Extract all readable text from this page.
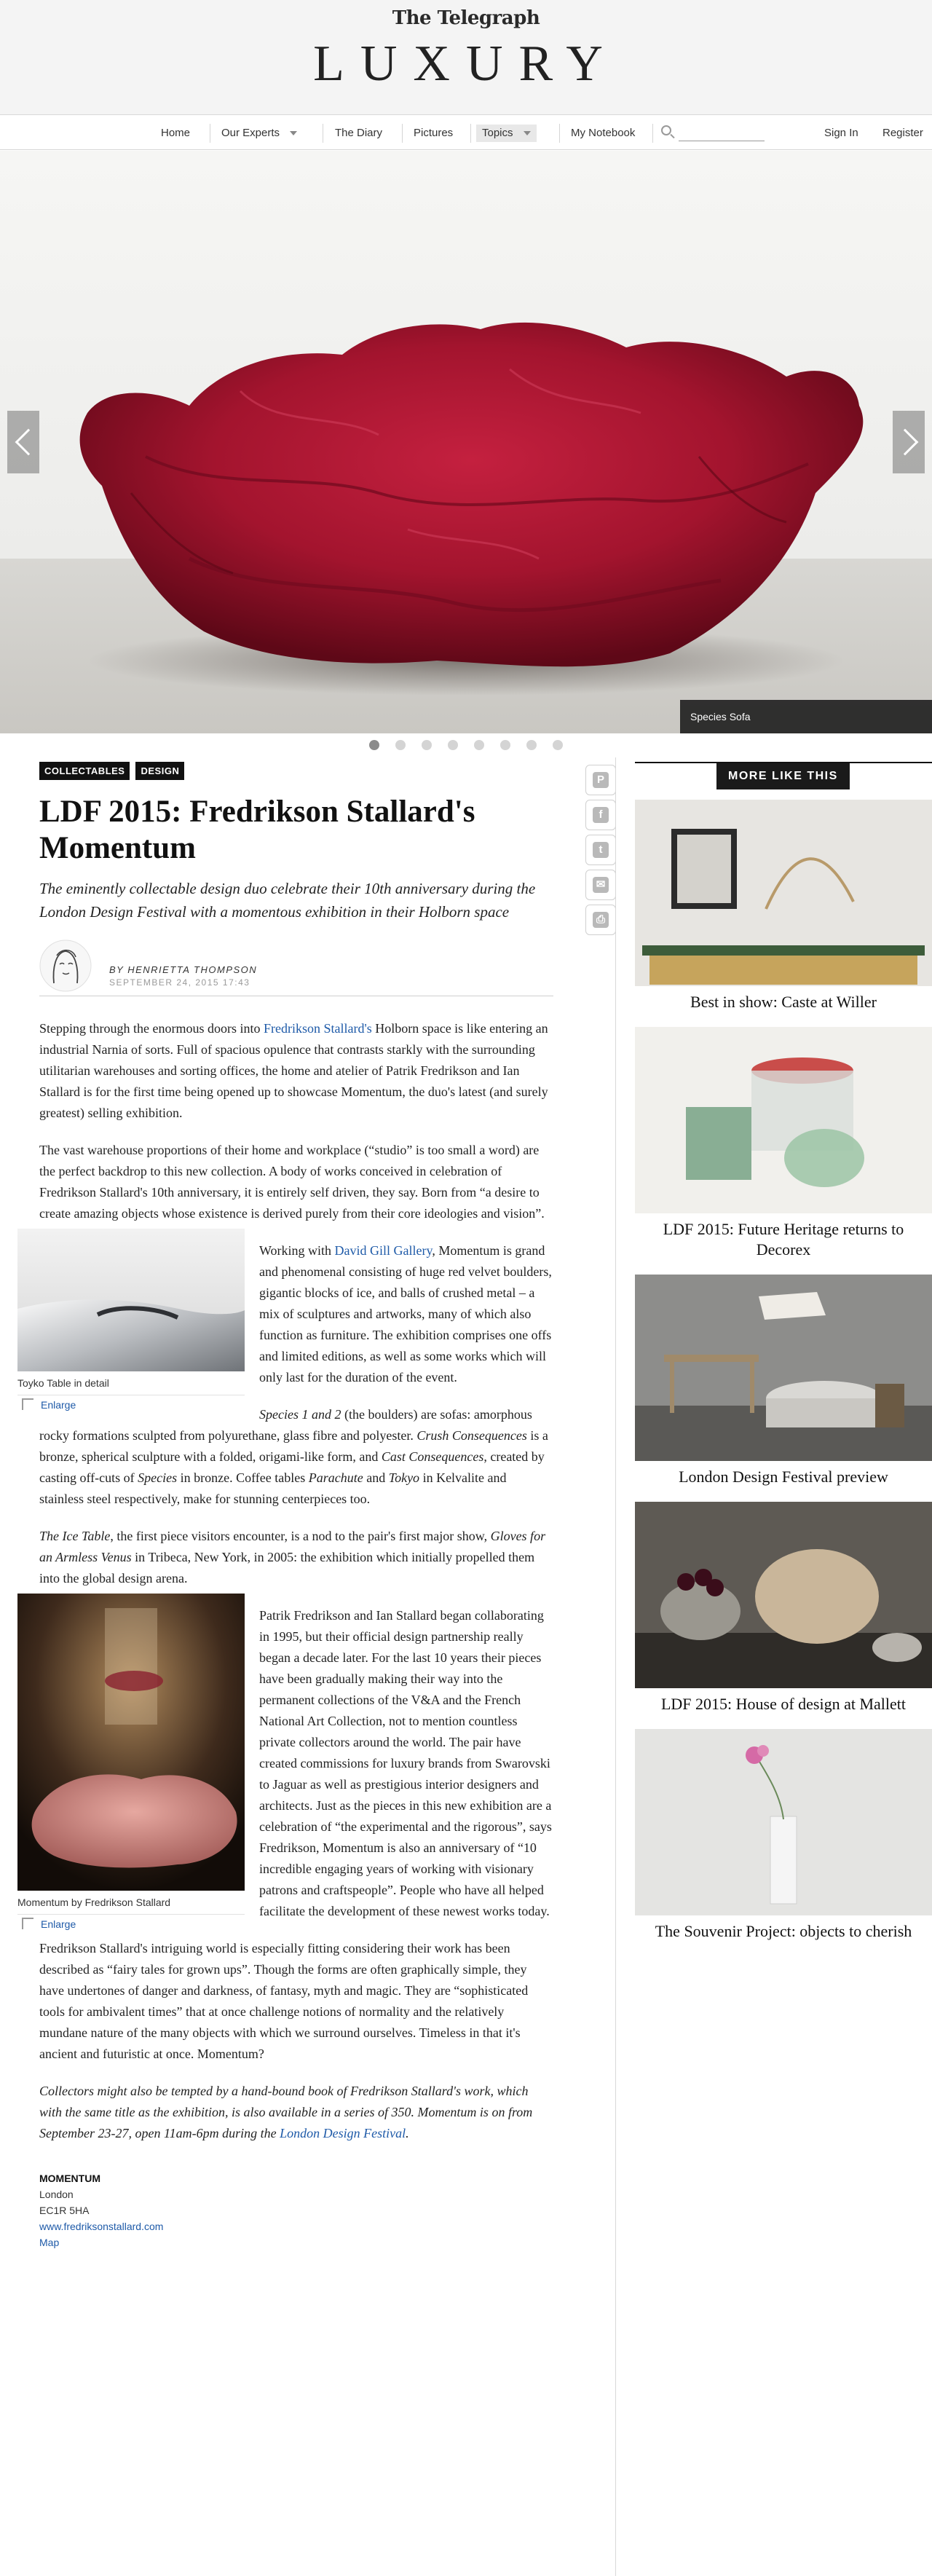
The Telegraph
LUXURY
Home	Our Experts	The Diary	Pictures	Topics	My Notebook	Sign In	Register
Species Sofa

COLLECTABLES DESIGN
LDF 2015: Fredrikson Stallard's Momentum
The eminently collectable design duo celebrate their 10th anniversary during the London Design Festival with a momentous exhibition in their Holborn space
BY HENRIETTA THOMPSON
SEPTEMBER 24, 2015 17:43

Stepping through the enormous doors into Fredrikson Stallard's Holborn space is like entering an industrial Narnia of sorts. Full of spacious opulence that contrasts starkly with the surrounding utilitarian warehouses and sorting offices, the home and atelier of Patrik Fredrikson and Ian Stallard is for the first time being opened up to showcase Momentum, the duo's latest (and surely greatest) selling exhibition.

The vast warehouse proportions of their home and workplace (“studio” is too small a word) are the perfect backdrop to this new collection. A body of works conceived in celebration of Fredrikson Stallard's 10th anniversary, it is entirely self driven, they say. Born from “a desire to create amazing objects whose existence is derived purely from their core ideologies and vision”.

Toyko Table in detail
Enlarge

Working with David Gill Gallery, Momentum is grand and phenomenal consisting of huge red velvet boulders, gigantic blocks of ice, and balls of crushed metal – a mix of sculptures and artworks, many of which also function as furniture. The exhibition comprises one offs and limited editions, as well as some works which will only last for the duration of the event.

Species 1 and 2 (the boulders) are sofas: amorphous rocky formations sculpted from polyurethane, glass fibre and polyester. Crush Consequences is a bronze, spherical sculpture with a folded, origami-like form, and Cast Consequences, created by casting off-cuts of Species in bronze. Coffee tables Parachute and Tokyo in Kelvalite and stainless steel respectively, make for stunning centerpieces too.

The Ice Table, the first piece visitors encounter, is a nod to the pair's first major show, Gloves for an Armless Venus in Tribeca, New York, in 2005: the exhibition which initially propelled them into the global design arena.

Momentum by Fredrikson Stallard
Enlarge

Patrik Fredrikson and Ian Stallard began collaborating in 1995, but their official design partnership really began a decade later. For the last 10 years their pieces have been gradually making their way into the permanent collections of the V&A and the French National Art Collection, not to mention countless private collectors around the world. The pair have created commissions for luxury brands from Swarovski to Jaguar as well as prestigious interior designers and architects. Just as the pieces in this new exhibition are a celebration of “the experimental and the rigorous”, says Fredrikson, Momentum is also an anniversary of “10 incredible engaging years of working with visionary patrons and craftspeople”. People who have all helped facilitate the development of these newest works today.

Fredrikson Stallard's intriguing world is especially fitting considering their work has been described as “fairy tales for grown ups”. Though the forms are often graphically simple, they have undertones of danger and darkness, of fantasy, myth and magic. They are “sophisticated tools for ambivalent times” that at once challenge notions of normality and the relatively mundane nature of the many objects with which we surround ourselves. Timeless in that it's ancient and futuristic at once. Momentum?

Collectors might also be tempted by a hand-bound book of Fredrikson Stallard's work, which with the same title as the exhibition, is also available in a series of 350. Momentum is on from September 23-27, open 11am-6pm during the London Design Festival.

MOMENTUM
London
EC1R 5HA
www.fredriksonstallard.com
Map
P
f
t
✉
⎙
MORE LIKE THIS
Best in show: Caste at Willer
LDF 2015: Future Heritage returns to Decorex
London Design Festival preview
LDF 2015: House of design at Mallett
The Souvenir Project: objects to cherish
